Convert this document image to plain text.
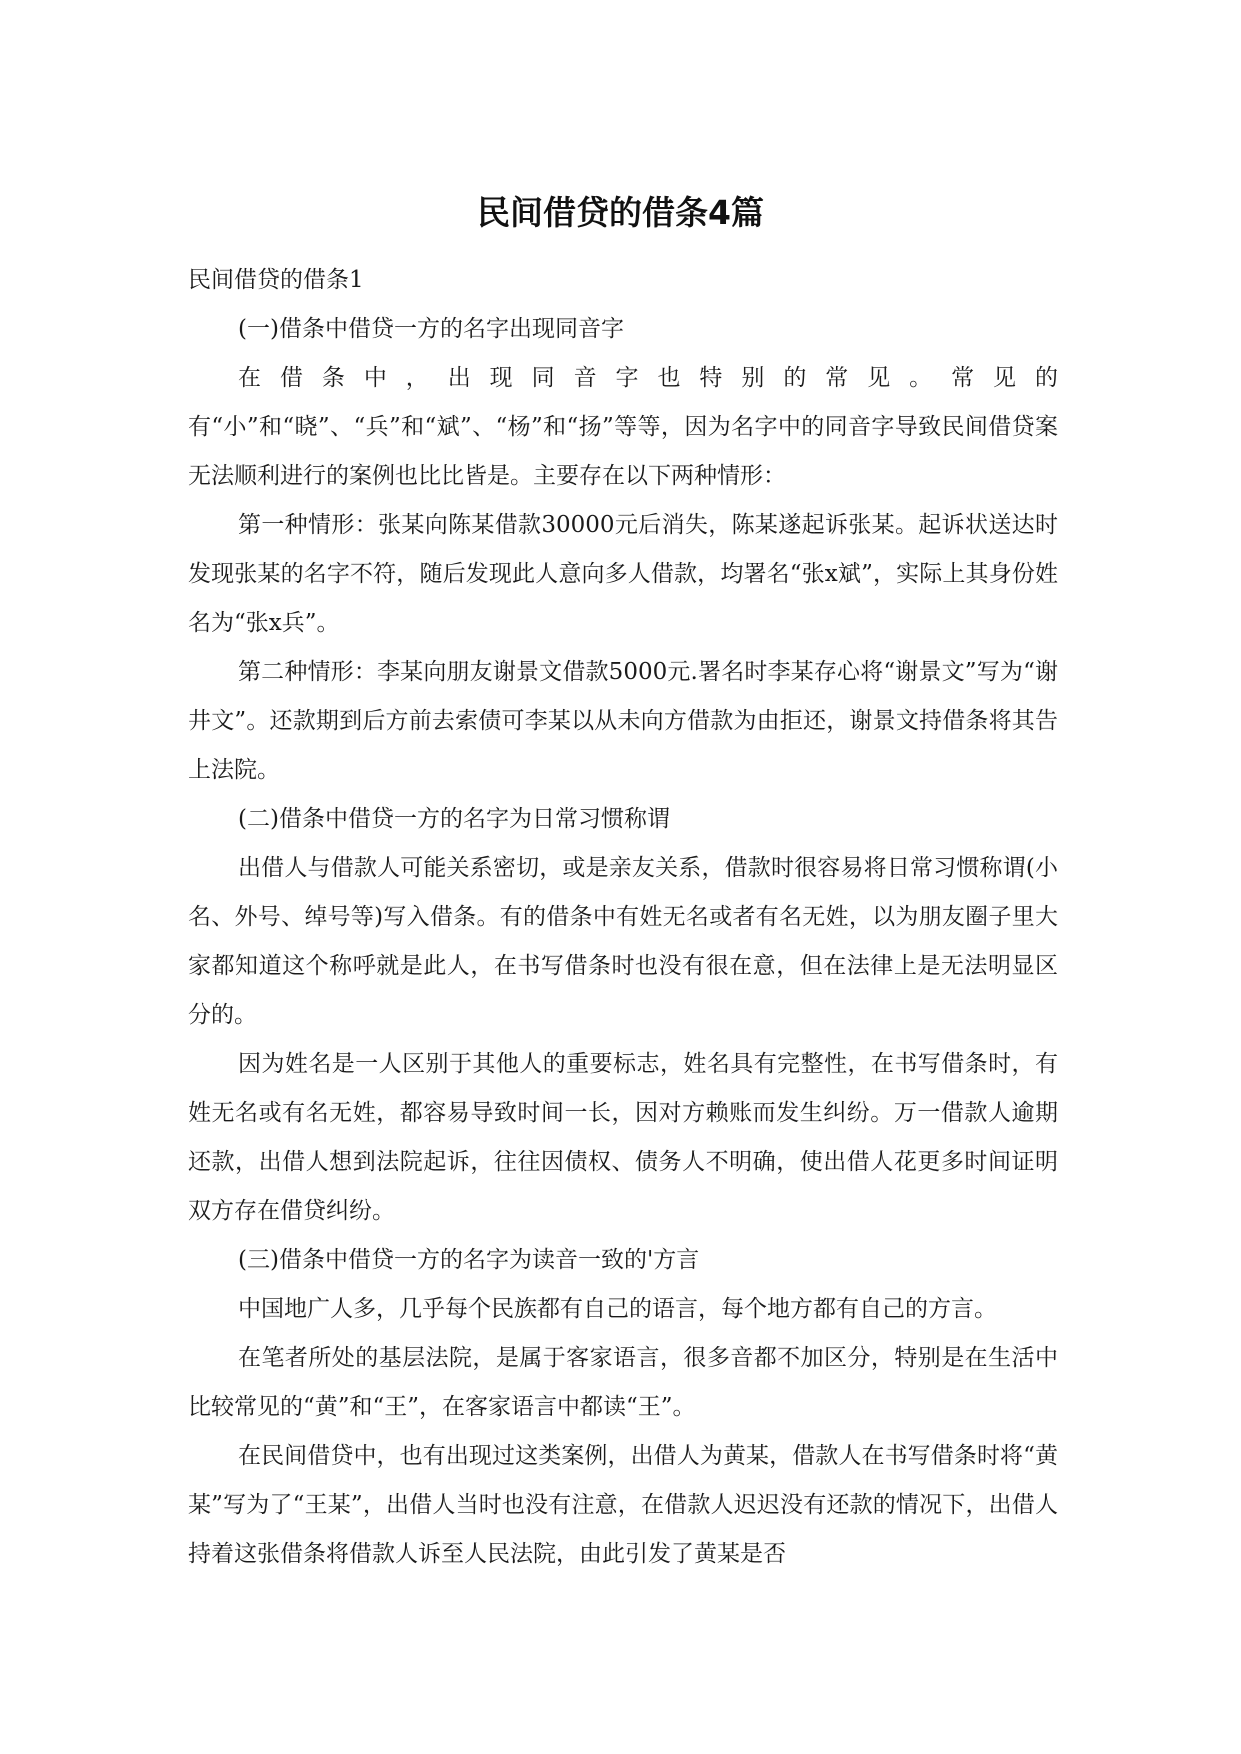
民间借贷的借条4篇

民间借贷的借条1

(一)借条中借贷一方的名字出现同音字

在借条中，出现同音字也特别的常见。常见的有“小”和“晓”、“兵”和“斌”、“杨”和“扬”等等，因为名字中的同音字导致民间借贷案无法顺利进行的案例也比比皆是。主要存在以下两种情形：

第一种情形：张某向陈某借款30000元后消失，陈某遂起诉张某。起诉状送达时发现张某的名字不符，随后发现此人意向多人借款，均署名“张x斌”，实际上其身份姓名为“张x兵”。

第二种情形：李某向朋友谢景文借款5000元.署名时李某存心将“谢景文”写为“谢井文”。还款期到后方前去索债可李某以从未向方借款为由拒还，谢景文持借条将其告上法院。

(二)借条中借贷一方的名字为日常习惯称谓

出借人与借款人可能关系密切，或是亲友关系，借款时很容易将日常习惯称谓(小名、外号、绰号等)写入借条。有的借条中有姓无名或者有名无姓，以为朋友圈子里大家都知道这个称呼就是此人，在书写借条时也没有很在意，但在法律上是无法明显区分的。

因为姓名是一人区别于其他人的重要标志，姓名具有完整性，在书写借条时，有姓无名或有名无姓，都容易导致时间一长，因对方赖账而发生纠纷。万一借款人逾期还款，出借人想到法院起诉，往往因债权、债务人不明确，使出借人花更多时间证明双方存在借贷纠纷。

(三)借条中借贷一方的名字为读音一致的'方言

中国地广人多，几乎每个民族都有自己的语言，每个地方都有自己的方言。

在笔者所处的基层法院，是属于客家语言，很多音都不加区分，特别是在生活中比较常见的“黄”和“王”，在客家语言中都读“王”。

在民间借贷中，也有出现过这类案例，出借人为黄某，借款人在书写借条时将“黄某”写为了“王某”，出借人当时也没有注意，在借款人迟迟没有还款的情况下，出借人持着这张借条将借款人诉至人民法院，由此引发了黄某是否
